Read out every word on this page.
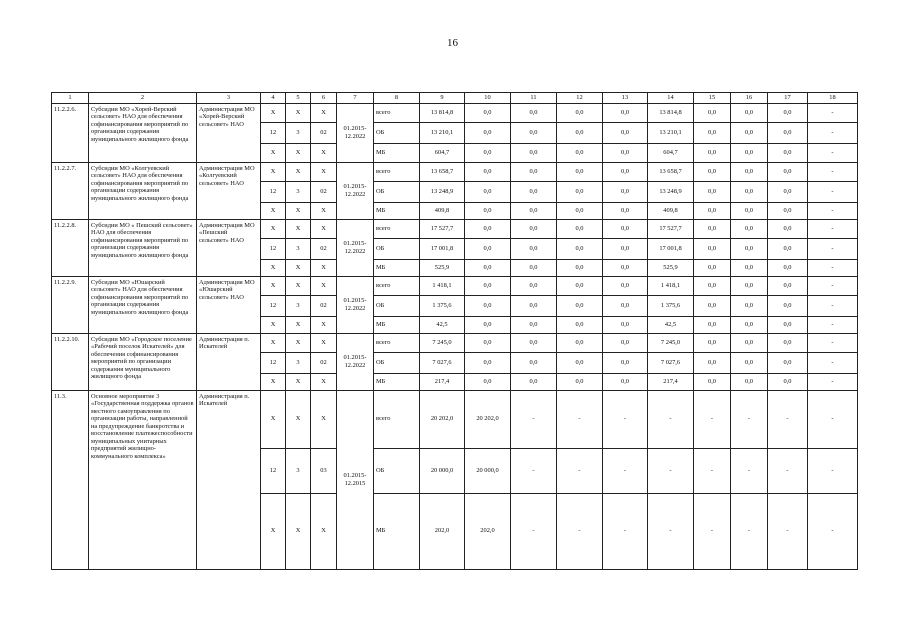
16
1	2	3	4	5	6	7	8	9	10	11	12	13	14	15	16	17	18
11.2.2.6.	Субсидии МО «Хорей-Верский сельсовет» НАО для обеспечения софинансирования мероприятий по организации содержания муниципального жилищного фонда	Администрация МО «Хорей-Верский сельсовет» НАО	X	X	X	01.2015-12.2022	всего	13 814,8	0,0	0,0	0,0	0,0	13 814,8	0,0	0,0	0,0	-
			12	3	02		ОБ	13 210,1	0,0	0,0	0,0	0,0	13 210,1	0,0	0,0	0,0	-
			X	X	X		МБ	604,7	0,0	0,0	0,0	0,0	604,7	0,0	0,0	0,0	-
11.2.2.7.	Субсидии МО «Колгуевский сельсовет» НАО для обеспечения софинансирования мероприятий по организации содержания муниципального жилищного фонда	Администрация МО «Колгуевский сельсовет» НАО	X	X	X	01.2015-12.2022	всего	13 658,7	0,0	0,0	0,0	0,0	13 658,7	0,0	0,0	0,0	-
			12	3	02		ОБ	13 248,9	0,0	0,0	0,0	0,0	13 248,9	0,0	0,0	0,0	-
			X	X	X		МБ	409,8	0,0	0,0	0,0	0,0	409,8	0,0	0,0	0,0	-
11.2.2.8.	Субсидии МО « Пешский сельсовет» НАО для обеспечения софинансирования мероприятий по организации содержания муниципального жилищного фонда	Администрация МО «Пешский сельсовет» НАО	X	X	X	01.2015-12.2022	всего	17 527,7	0,0	0,0	0,0	0,0	17 527,7	0,0	0,0	0,0	-
			12	3	02		ОБ	17 001,8	0,0	0,0	0,0	0,0	17 001,8	0,0	0,0	0,0	-
			X	X	X		МБ	525,9	0,0	0,0	0,0	0,0	525,9	0,0	0,0	0,0	-
11.2.2.9.	Субсидии МО «Юшарский сельсовет» НАО для обеспечения софинансирования мероприятий по организации содержания муниципального жилищного фонда	Администрация МО «Юшарский сельсовет» НАО	X	X	X	01.2015-12.2022	всего	1 418,1	0,0	0,0	0,0	0,0	1 418,1	0,0	0,0	0,0	-
			12	3	02		ОБ	1 375,6	0,0	0,0	0,0	0,0	1 375,6	0,0	0,0	0,0	-
			X	X	X		МБ	42,5	0,0	0,0	0,0	0,0	42,5	0,0	0,0	0,0	-
11.2.2.10.	Субсидии МО «Городское поселение «Рабочий поселок Искателей» для обеспечения софинансирования мероприятий по организации содержания муниципального жилищного фонда	Администрация п. Искателей	X	X	X	01.2015-12.2022	всего	7 245,0	0,0	0,0	0,0	0,0	7 245,0	0,0	0,0	0,0	-
			12	3	02		ОБ	7 027,6	0,0	0,0	0,0	0,0	7 027,6	0,0	0,0	0,0	-
			X	X	X		МБ	217,4	0,0	0,0	0,0	0,0	217,4	0,0	0,0	0,0	-
11.3.	Основное мероприятие 3 «Государственная поддержка органов местного самоуправления по организации работы, направленной на предупреждение банкротства и восстановление платежеспособности муниципальных унитарных предприятий жилищно-коммунального комплекса»	Администрация п. Искателей	X	X	X	01.2015-12.2015	всего	20 202,0	20 202,0	-	-	-	-	-	-	-	-
			12	3	03		ОБ	20 000,0	20 000,0	-	-	-	-	-	-	-	-
			X	X	X		МБ	202,0	202,0	-	-	-	-	-	-	-	-
